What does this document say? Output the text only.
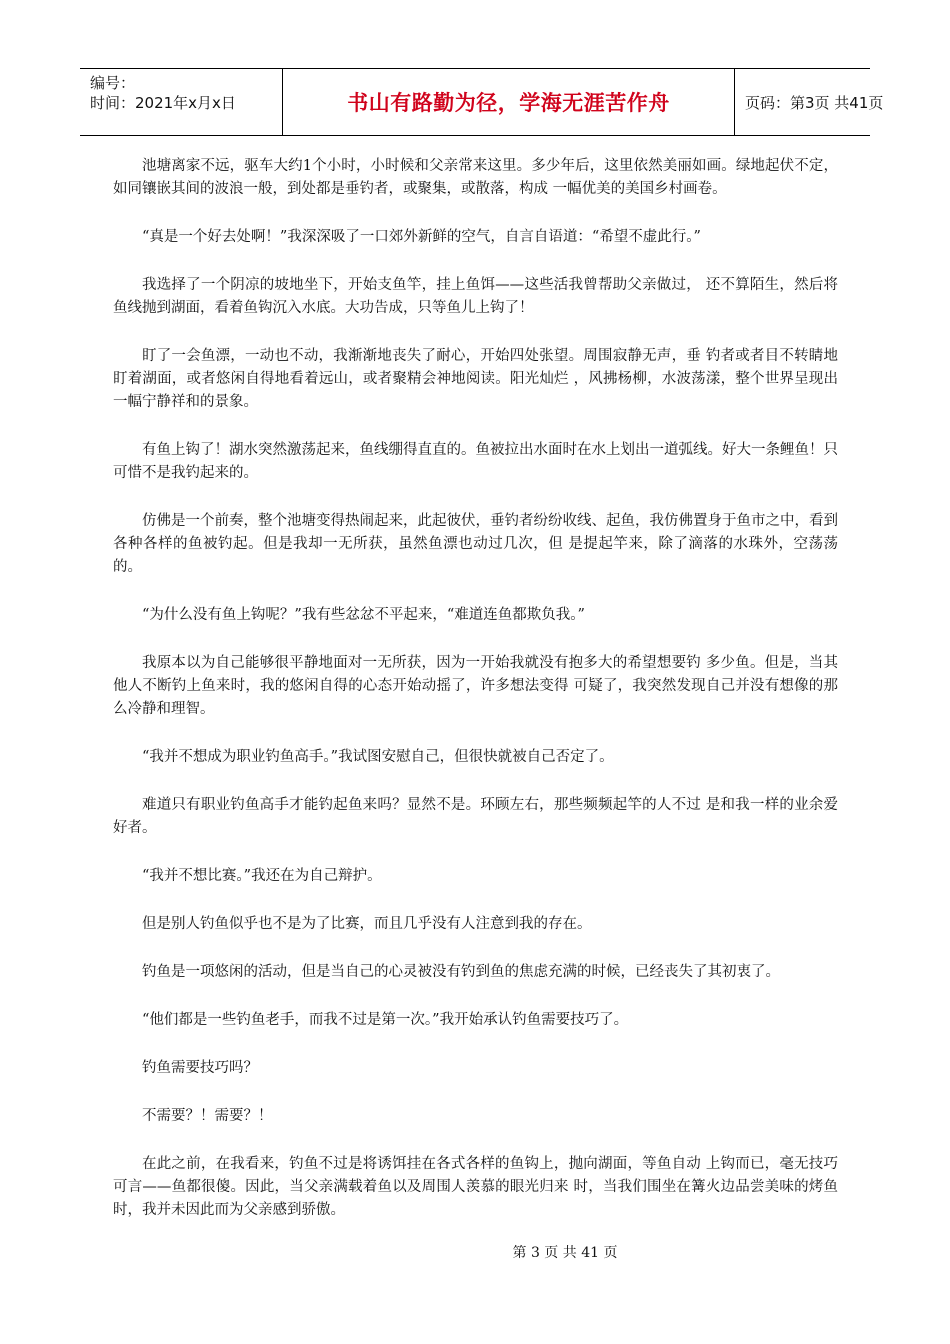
编号：
时间：2021年x月x日	书山有路勤为径，学海无涯苦作舟	页码：第3页 共41页

池塘离家不远，驱车大约1个小时，小时候和父亲常来这里。多少年后，这里依然美丽如画。绿地起伏不定，如同镶嵌其间的波浪一般，到处都是垂钓者，或聚集，或散落，构成 一幅优美的美国乡村画卷。

“真是一个好去处啊！”我深深吸了一口郊外新鲜的空气，自言自语道：“希望不虚此行。”

我选择了一个阴凉的坡地坐下，开始支鱼竿，挂上鱼饵——这些活我曾帮助父亲做过， 还不算陌生，然后将鱼线抛到湖面，看着鱼钩沉入水底。大功告成，只等鱼儿上钩了！

盯了一会鱼漂，一动也不动，我渐渐地丧失了耐心，开始四处张望。周围寂静无声，垂 钓者或者目不转睛地盯着湖面，或者悠闲自得地看着远山，或者聚精会神地阅读。阳光灿烂 ，风拂杨柳，水波荡漾，整个世界呈现出一幅宁静祥和的景象。

有鱼上钩了！湖水突然激荡起来，鱼线绷得直直的。鱼被拉出水面时在水上划出一道弧线。好大一条鲤鱼！只可惜不是我钓起来的。

仿佛是一个前奏，整个池塘变得热闹起来，此起彼伏，垂钓者纷纷收线、起鱼，我仿佛置身于鱼市之中，看到各种各样的鱼被钓起。但是我却一无所获，虽然鱼漂也动过几次，但 是提起竿来，除了滴落的水珠外，空荡荡的。

“为什么没有鱼上钩呢？”我有些忿忿不平起来，“难道连鱼都欺负我。”

我原本以为自己能够很平静地面对一无所获，因为一开始我就没有抱多大的希望想要钓 多少鱼。但是，当其他人不断钓上鱼来时，我的悠闲自得的心态开始动摇了，许多想法变得 可疑了，我突然发现自己并没有想像的那么冷静和理智。

“我并不想成为职业钓鱼高手。”我试图安慰自己，但很快就被自己否定了。

难道只有职业钓鱼高手才能钓起鱼来吗？显然不是。环顾左右，那些频频起竿的人不过 是和我一样的业余爱好者。

“我并不想比赛。”我还在为自己辩护。

但是别人钓鱼似乎也不是为了比赛，而且几乎没有人注意到我的存在。

钓鱼是一项悠闲的活动，但是当自己的心灵被没有钓到鱼的焦虑充满的时候，已经丧失了其初衷了。

“他们都是一些钓鱼老手，而我不过是第一次。”我开始承认钓鱼需要技巧了。

钓鱼需要技巧吗？

不需要？！需要？！

在此之前，在我看来，钓鱼不过是将诱饵挂在各式各样的鱼钩上，抛向湖面，等鱼自动 上钩而已，毫无技巧可言——鱼都很傻。因此，当父亲满载着鱼以及周围人羡慕的眼光归来 时，当我们围坐在篝火边品尝美味的烤鱼时，我并未因此而为父亲感到骄傲。

第 3 页 共 41 页
